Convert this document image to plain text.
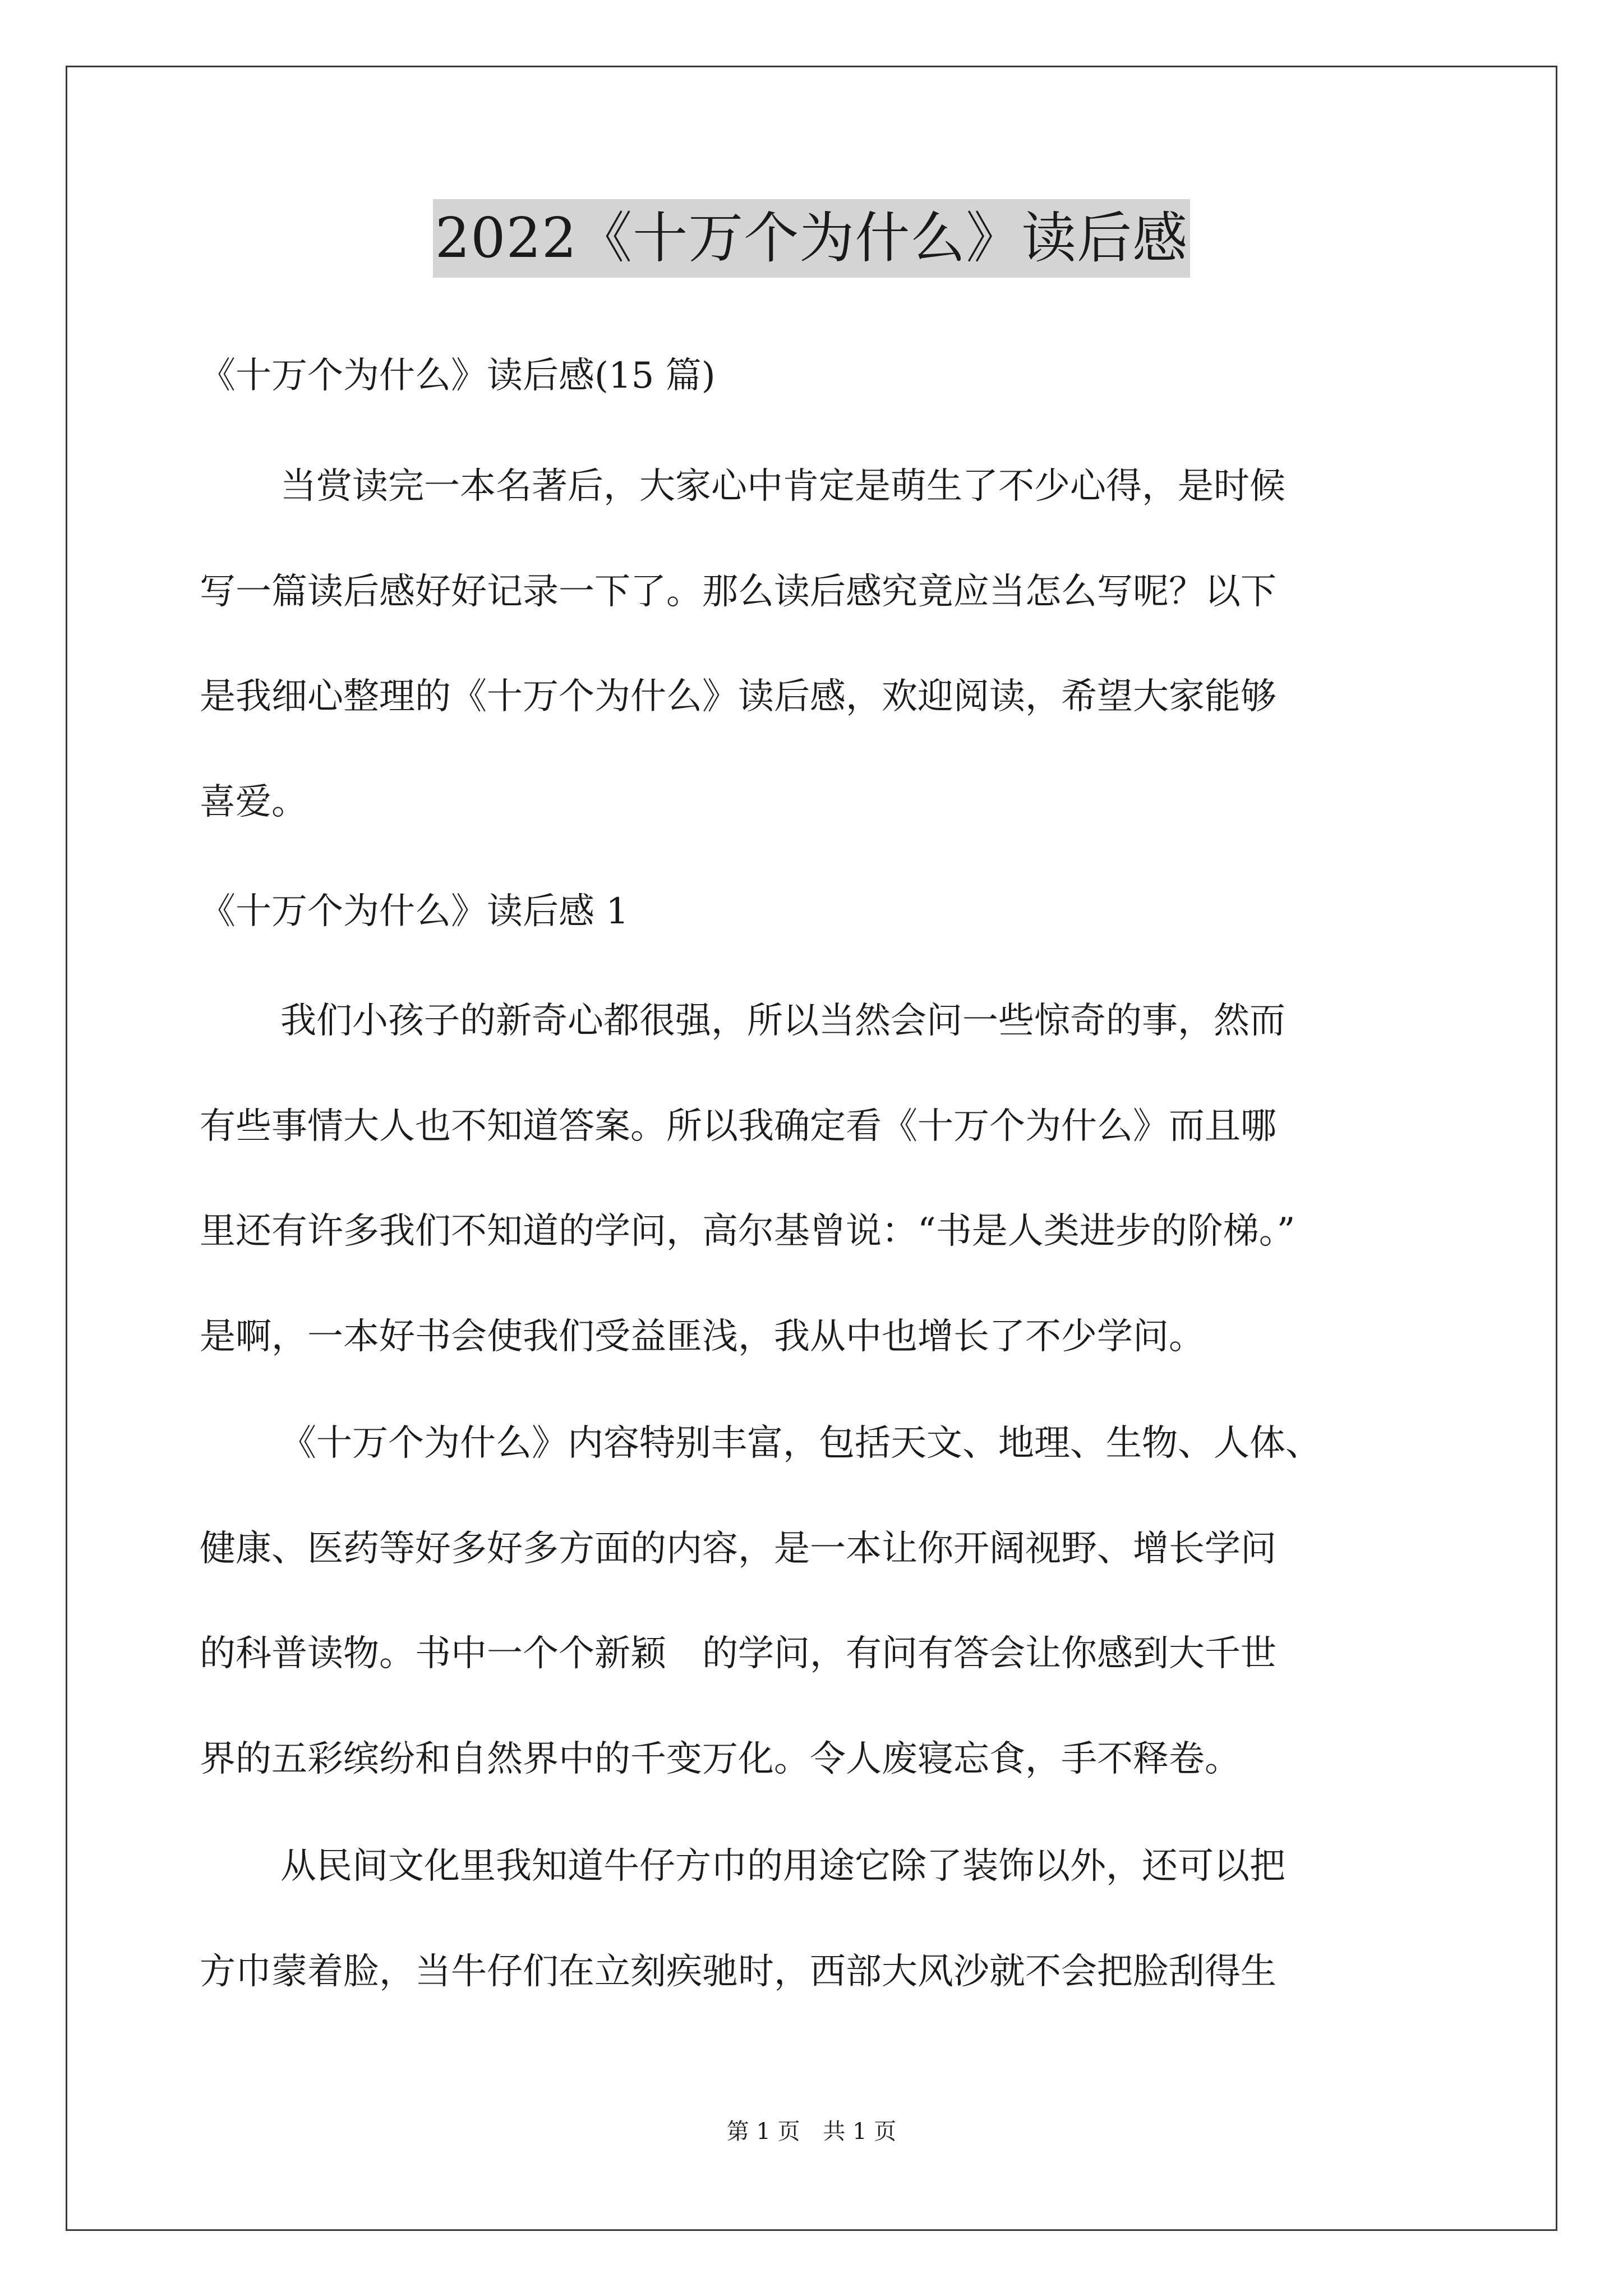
2022《十万个为什么》读后感
《十万个为什么》读后感(15 篇)
当赏读完一本名著后，大家心中肯定是萌生了不少心得，是时候
写一篇读后感好好记录一下了。那么读后感究竟应当怎么写呢？以下
是我细心整理的《十万个为什么》读后感，欢迎阅读，希望大家能够
喜爱。
《十万个为什么》读后感 1
我们小孩子的新奇心都很强，所以当然会问一些惊奇的事，然而
有些事情大人也不知道答案。所以我确定看《十万个为什么》而且哪
里还有许多我们不知道的学问，高尔基曾说：“书是人类进步的阶梯。”
是啊，一本好书会使我们受益匪浅，我从中也增长了不少学问。
《十万个为什么》内容特别丰富，包括天文、地理、生物、人体、
健康、医药等好多好多方面的内容，是一本让你开阔视野、增长学问
的科普读物。书中一个个新颖　的学问，有问有答会让你感到大千世
界的五彩缤纷和自然界中的千变万化。令人废寝忘食，手不释卷。
从民间文化里我知道牛仔方巾的用途它除了装饰以外，还可以把
方巾蒙着脸，当牛仔们在立刻疾驰时，西部大风沙就不会把脸刮得生
第 1 页 共 1 页
